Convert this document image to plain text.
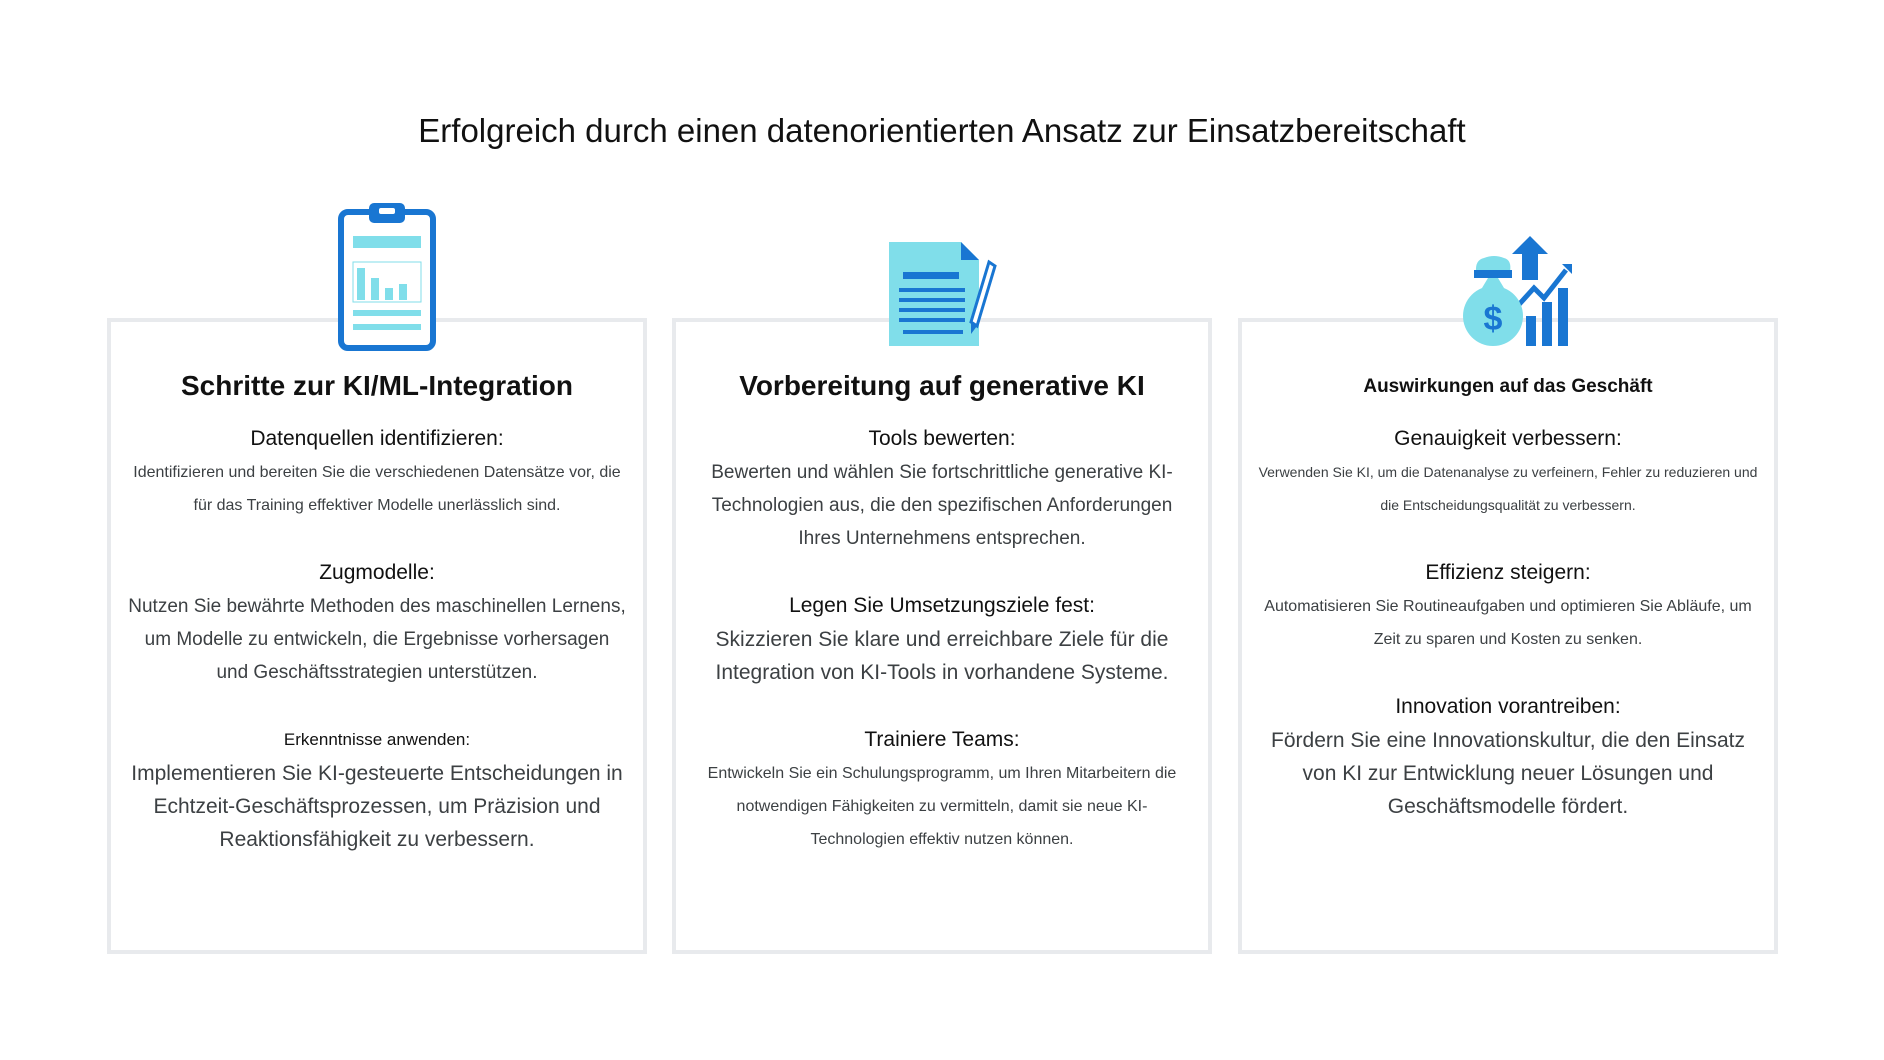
Erfolgreich durch einen datenorientierten Ansatz zur Einsatzbereitschaft
Schritte zur KI/ML-Integration
Datenquellen identifizieren:
Identifizieren und bereiten Sie die verschiedenen Datensätze vor, die für das Training effektiver Modelle unerlässlich sind.
Zugmodelle:
Nutzen Sie bewährte Methoden des maschinellen Lernens, um Modelle zu entwickeln, die Ergebnisse vorhersagen und Geschäftsstrategien unterstützen.
Erkenntnisse anwenden:
Implementieren Sie KI-gesteuerte Entscheidungen in Echtzeit-Geschäftsprozessen, um Präzision und Reaktionsfähigkeit zu verbessern.
Vorbereitung auf generative KI
Tools bewerten:
Bewerten und wählen Sie fortschrittliche generative KI-Technologien aus, die den spezifischen Anforderungen Ihres Unternehmens entsprechen.
Legen Sie Umsetzungsziele fest:
Skizzieren Sie klare und erreichbare Ziele für die Integration von KI-Tools in vorhandene Systeme.
Trainiere Teams:
Entwickeln Sie ein Schulungsprogramm, um Ihren Mitarbeitern die notwendigen Fähigkeiten zu vermitteln, damit sie neue KI-Technologien effektiv nutzen können.
Auswirkungen auf das Geschäft
Genauigkeit verbessern:
Verwenden Sie KI, um die Datenanalyse zu verfeinern, Fehler zu reduzieren und die Entscheidungsqualität zu verbessern.
Effizienz steigern:
Automatisieren Sie Routineaufgaben und optimieren Sie Abläufe, um Zeit zu sparen und Kosten zu senken.
Innovation vorantreiben:
Fördern Sie eine Innovationskultur, die den Einsatz von KI zur Entwicklung neuer Lösungen und Geschäftsmodelle fördert.
$
